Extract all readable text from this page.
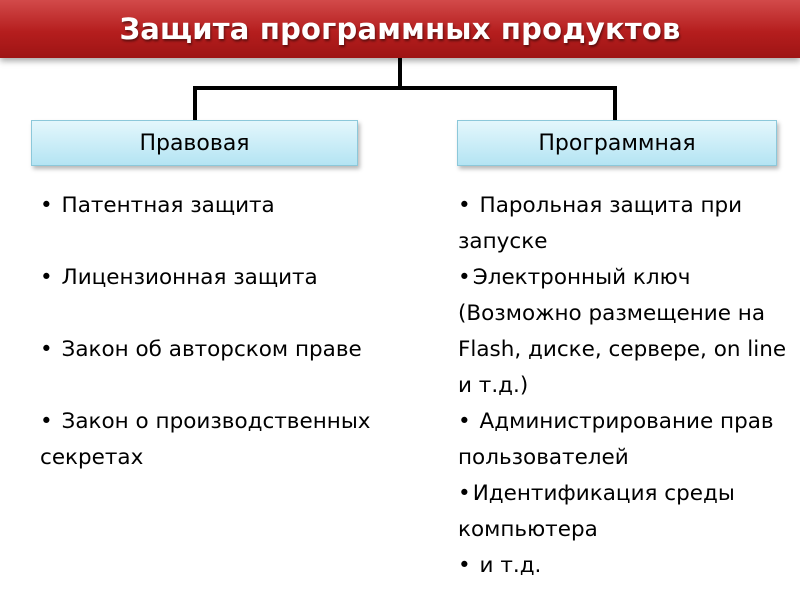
Защита программных продуктов
Правовая	Программная
• Патентная защита
• Лицензионная защита
• Закон об авторском праве
• Закон о производственных секретах
• Парольная защита при запуске
•Электронный ключ (Возможно размещение на Flash, диске, сервере, on line и т.д.)
• Администрирование прав пользователей
•Идентификация среды компьютера
• и т.д.
